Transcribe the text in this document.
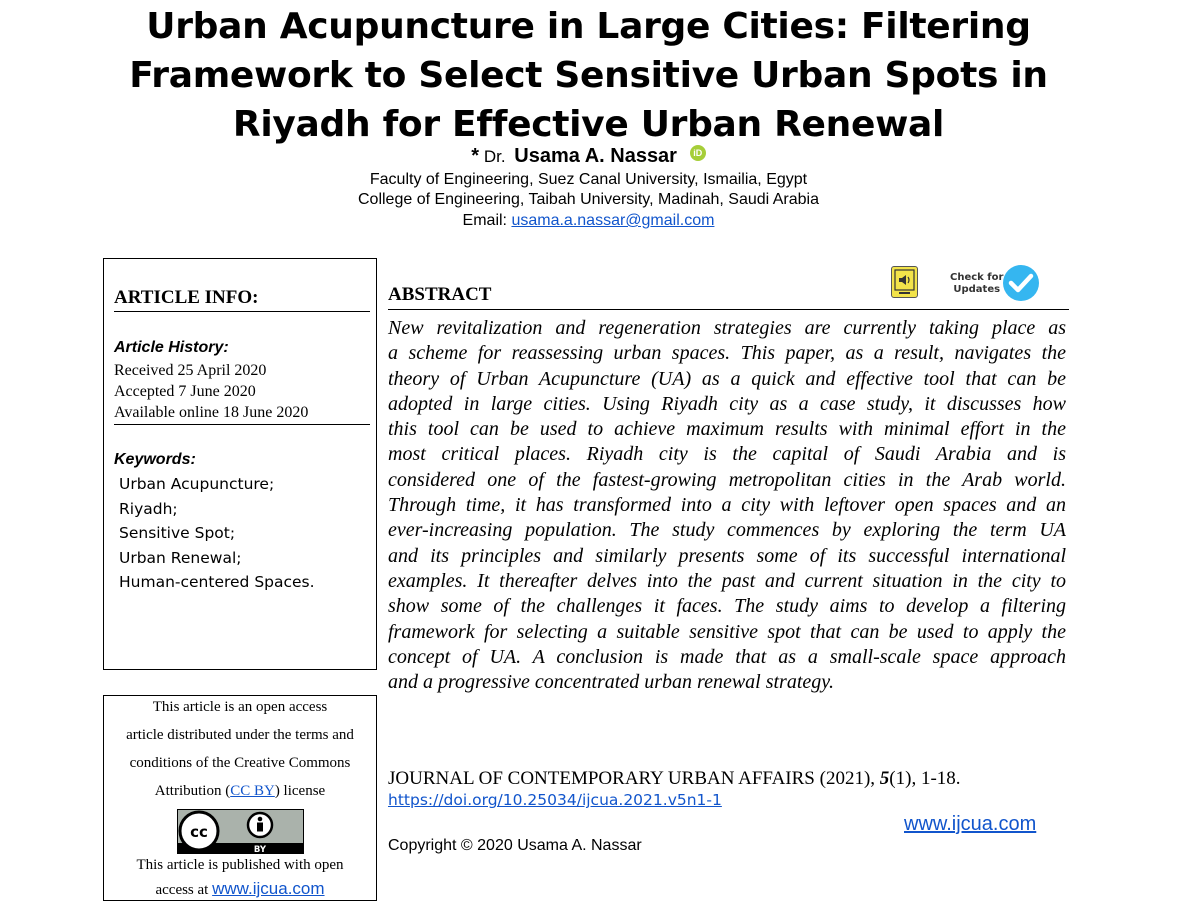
Urban Acupuncture in Large Cities: Filtering
Framework to Select Sensitive Urban Spots in
Riyadh for Effective Urban Renewal
* Dr. Usama A. Nassar iD

Faculty of Engineering, Suez Canal University, Ismailia, Egypt

College of Engineering, Taibah University, Madinah, Saudi Arabia

Email: usama.a.nassar@gmail.com

ARTICLE INFO:
Article History:
Received 25 April 2020
Accepted 7 June 2020
Available online 18 June 2020
Keywords:
Urban Acupuncture;
Riyadh;
Sensitive Spot;
Urban Renewal;
Human-centered Spaces.
ABSTRACT
Check for
Updates
New revitalization and regeneration strategies are currently taking place as
a scheme for reassessing urban spaces. This paper, as a result, navigates the
theory of Urban Acupuncture (UA) as a quick and effective tool that can be
adopted in large cities. Using Riyadh city as a case study, it discusses how
this tool can be used to achieve maximum results with minimal effort in the
most critical places. Riyadh city is the capital of Saudi Arabia and is
considered one of the fastest-growing metropolitan cities in the Arab world.
Through time, it has transformed into a city with leftover open spaces and an
ever-increasing population. The study commences by exploring the term UA
and its principles and similarly presents some of its successful international
examples. It thereafter delves into the past and current situation in the city to
show some of the challenges it faces. The study aims to develop a filtering
framework for selecting a suitable sensitive spot that can be used to apply the
concept of UA. A conclusion is made that as a small-scale space approach
and a progressive concentrated urban renewal strategy.
This article is an open access
article distributed under the terms and
conditions of the Creative Commons
Attribution (CC BY) license
cc
BY
This article is published with open
access at www.ijcua.com
JOURNAL OF CONTEMPORARY URBAN AFFAIRS (2021), 5(1), 1-18.
https://doi.org/10.25034/ijcua.2021.v5n1-1
www.ijcua.com
Copyright © 2020 Usama A. Nassar
